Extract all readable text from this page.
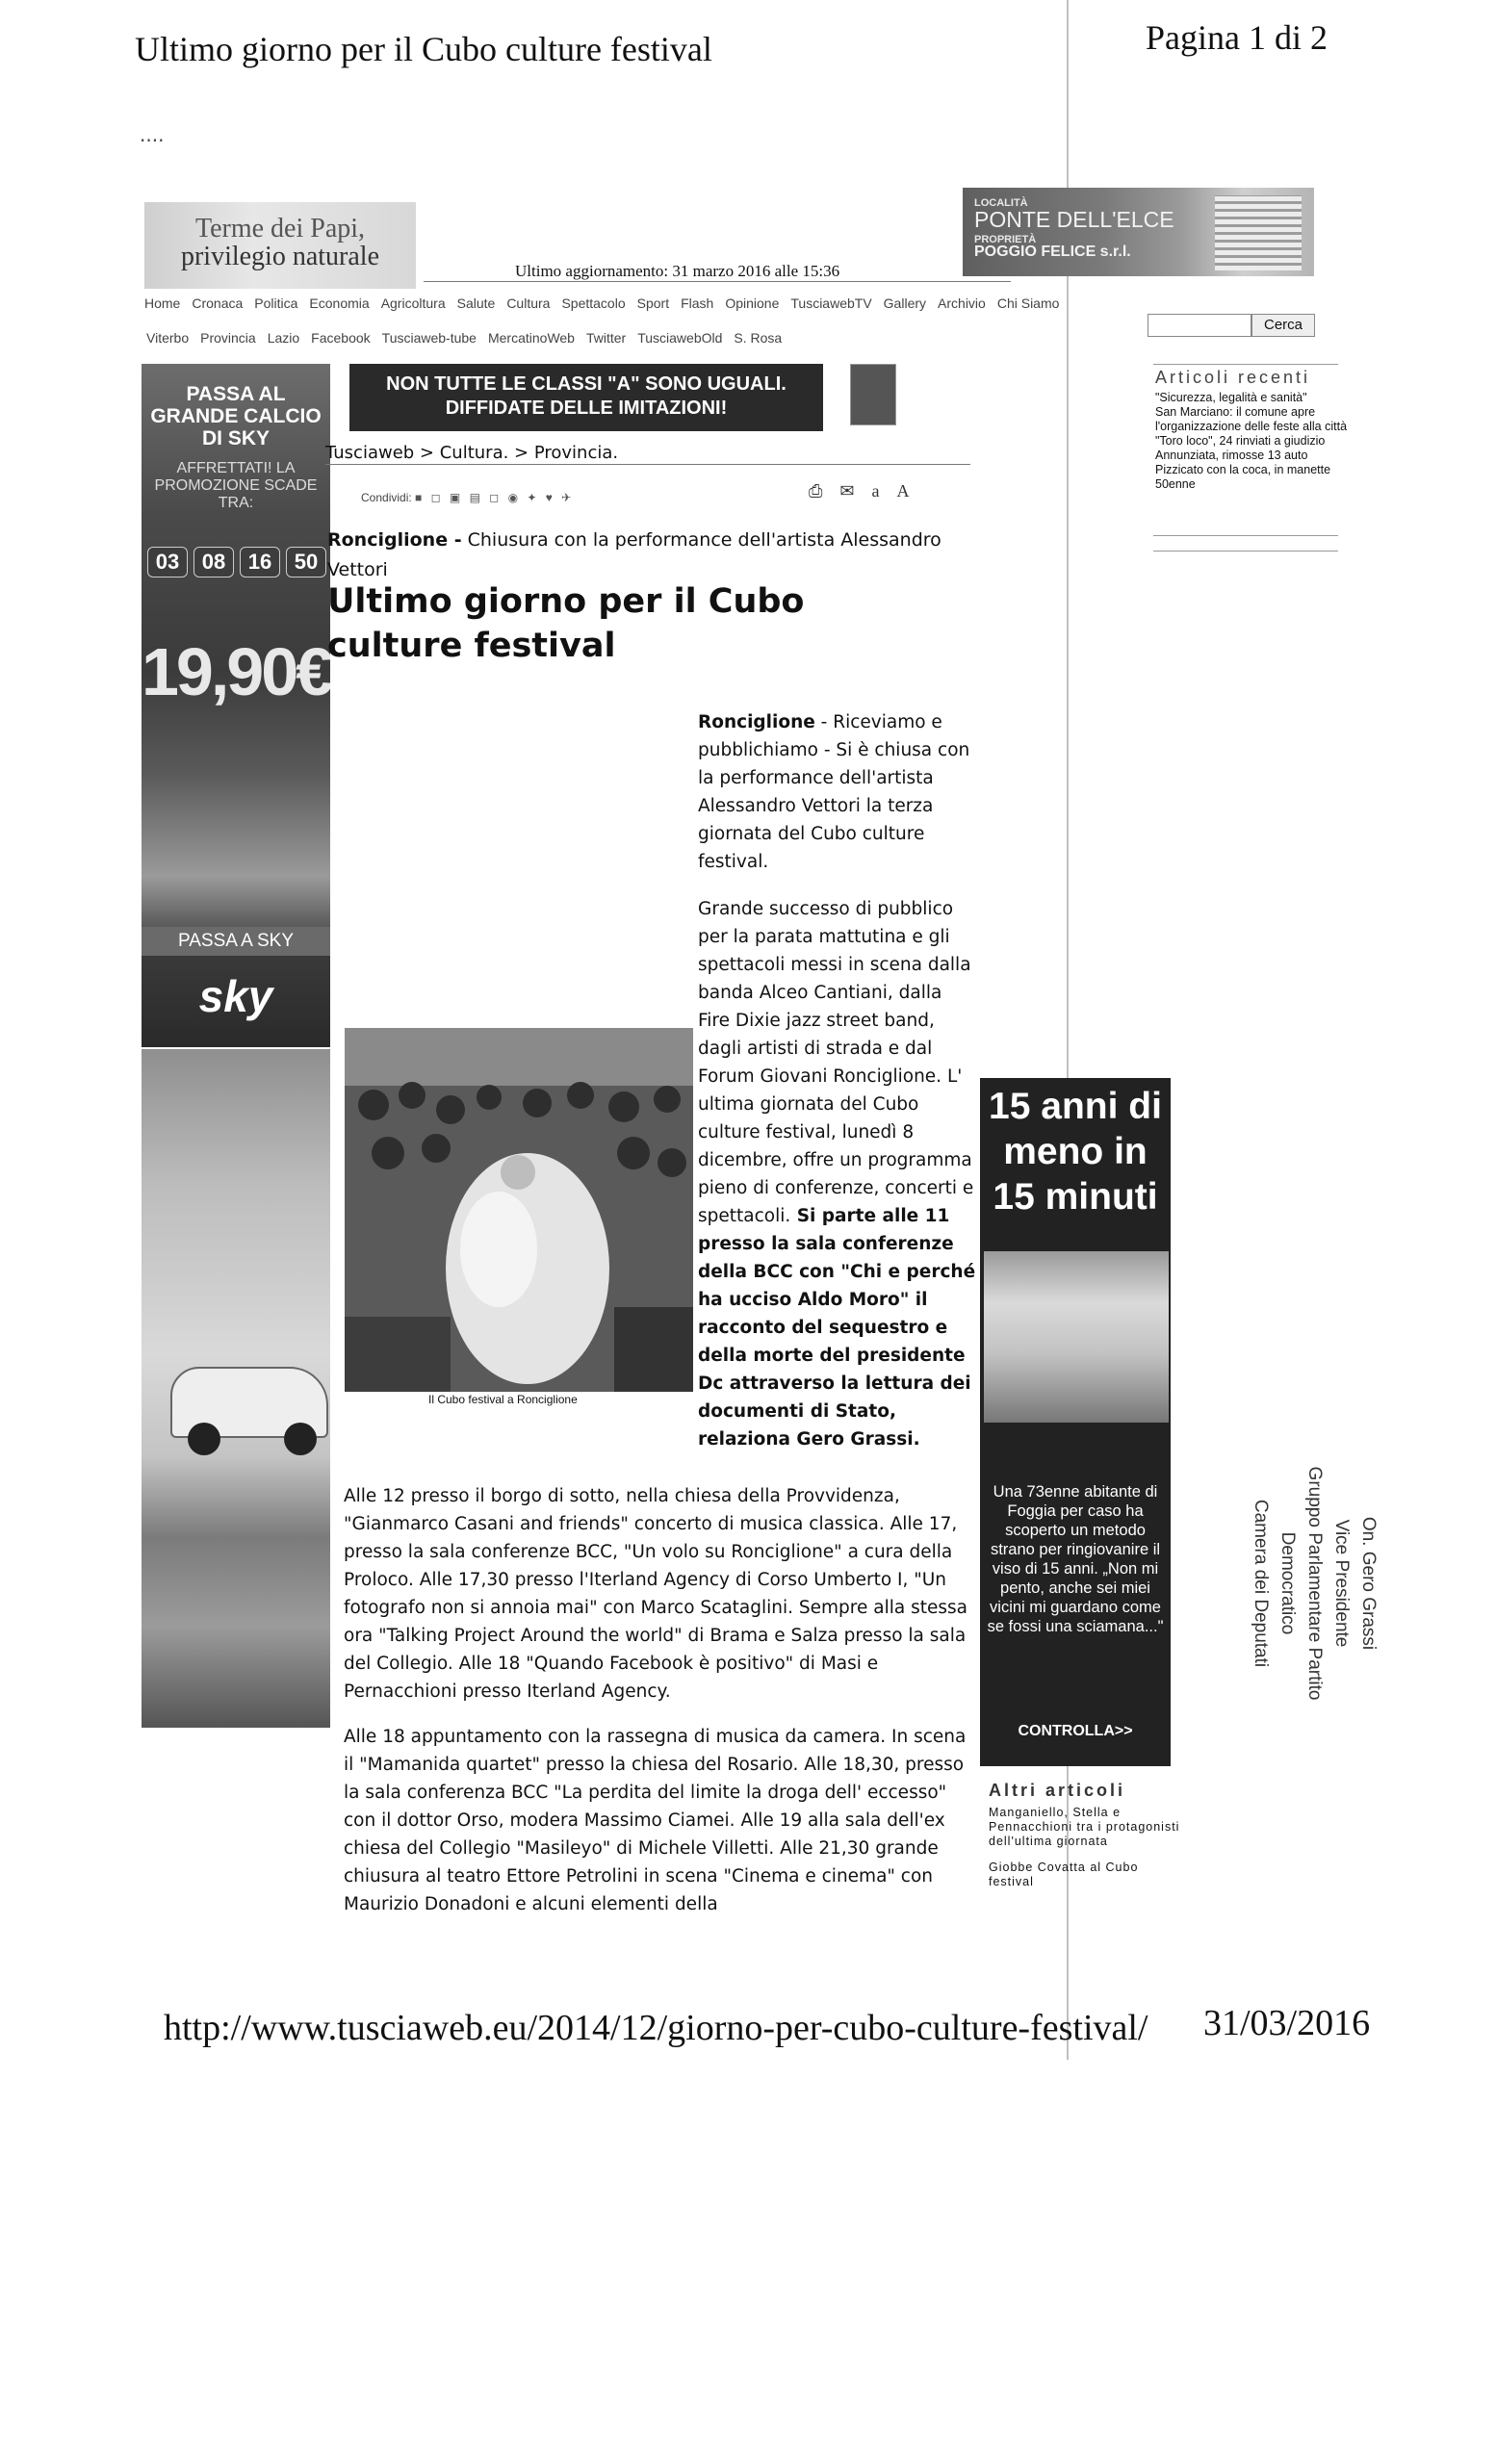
Ultimo giorno per il Cubo culture festival	Pagina 1 di 2
....
Terme dei Papi,
privilegio naturale	Ultimo aggiornamento: 31 marzo 2016 alle 15:36
LOCALITÀ
PONTE DELL'ELCE
PROPRIETÀ
POGGIO FELICE s.r.l.
Home Cronaca Politica Economia Agricoltura Salute Cultura Spettacolo Sport Flash Opinione TusciawebTV Gallery Archivio Chi Siamo
Viterbo Provincia Lazio Facebook Tusciaweb-tube MercatinoWeb Twitter TusciawebOld S. Rosa
Cerca
PASSA AL GRANDE CALCIO DI SKY
AFFRETTATI! LA PROMOZIONE SCADE TRA:
03	08	16	50
19,90€
PASSA A SKY
sky
NON TUTTE LE CLASSI "A" SONO UGUALI.
DIFFIDATE DELLE IMITAZIONI!
Tusciaweb > Cultura. > Provincia.
Condividi: ■ ◻ ▣ ▤ ◻ ◉ ✦ ♥ ✈	⎙ ✉ a A
Ronciglione - Chiusura con la performance dell'artista Alessandro Vettori
Ultimo giorno per il Cubo culture festival
Ronciglione - Riceviamo e pubblichiamo - Si è chiusa con la performance dell'artista Alessandro Vettori la terza giornata del Cubo culture festival.
Il Cubo festival a Ronciglione
Grande successo di pubblico per la parata mattutina e gli spettacoli messi in scena dalla banda Alceo Cantiani, dalla Fire Dixie jazz street band, dagli artisti di strada e dal Forum Giovani Ronciglione. L' ultima giornata del Cubo culture festival, lunedì 8 dicembre, offre un programma pieno di conferenze, concerti e spettacoli. Si parte alle 11 presso la sala conferenze della BCC con "Chi e perché ha ucciso Aldo Moro" il racconto del sequestro e della morte del presidente Dc attraverso la lettura dei documenti di Stato, relaziona Gero Grassi.
Alle 12 presso il borgo di sotto, nella chiesa della Provvidenza, "Gianmarco Casani and friends" concerto di musica classica. Alle 17, presso la sala conferenze BCC, "Un volo su Ronciglione" a cura della Proloco. Alle 17,30 presso l'Iterland Agency di Corso Umberto I, "Un fotografo non si annoia mai" con Marco Scataglini. Sempre alla stessa ora "Talking Project Around the world" di Brama e Salza presso la sala del Collegio. Alle 18 "Quando Facebook è positivo" di Masi e Pernacchioni presso Iterland Agency.
Alle 18 appuntamento con la rassegna di musica da camera. In scena il "Mamanida quartet" presso la chiesa del Rosario. Alle 18,30, presso la sala conferenza BCC "La perdita del limite la droga dell' eccesso" con il dottor Orso, modera Massimo Ciamei. Alle 19 alla sala dell'ex chiesa del Collegio "Masileyo" di Michele Villetti. Alle 21,30 grande chiusura al teatro Ettore Petrolini in scena "Cinema e cinema" con Maurizio Donadoni e alcuni elementi della
Articoli recenti
"Sicurezza, legalità e sanità"
San Marciano: il comune apre l'organizzazione delle feste alla città
"Toro loco", 24 rinviati a giudizio
Annunziata, rimosse 13 auto
Pizzicato con la coca, in manette 50enne
15 anni di meno in 15 minuti
Una 73enne abitante di Foggia per caso ha scoperto un metodo strano per ringiovanire il viso di 15 anni. „Non mi pento, anche sei miei vicini mi guardano come se fossi una sciamana..."
CONTROLLA>>
Altri articoli
Manganiello, Stella e Pennacchioni tra i protagonisti dell'ultima giornata
Giobbe Covatta al Cubo festival
On. Gero Grassi
Vice Presidente
Gruppo Parlamentare Partito Democratico
Camera dei Deputati
http://www.tusciaweb.eu/2014/12/giorno-per-cubo-culture-festival/ 31/03/2016
